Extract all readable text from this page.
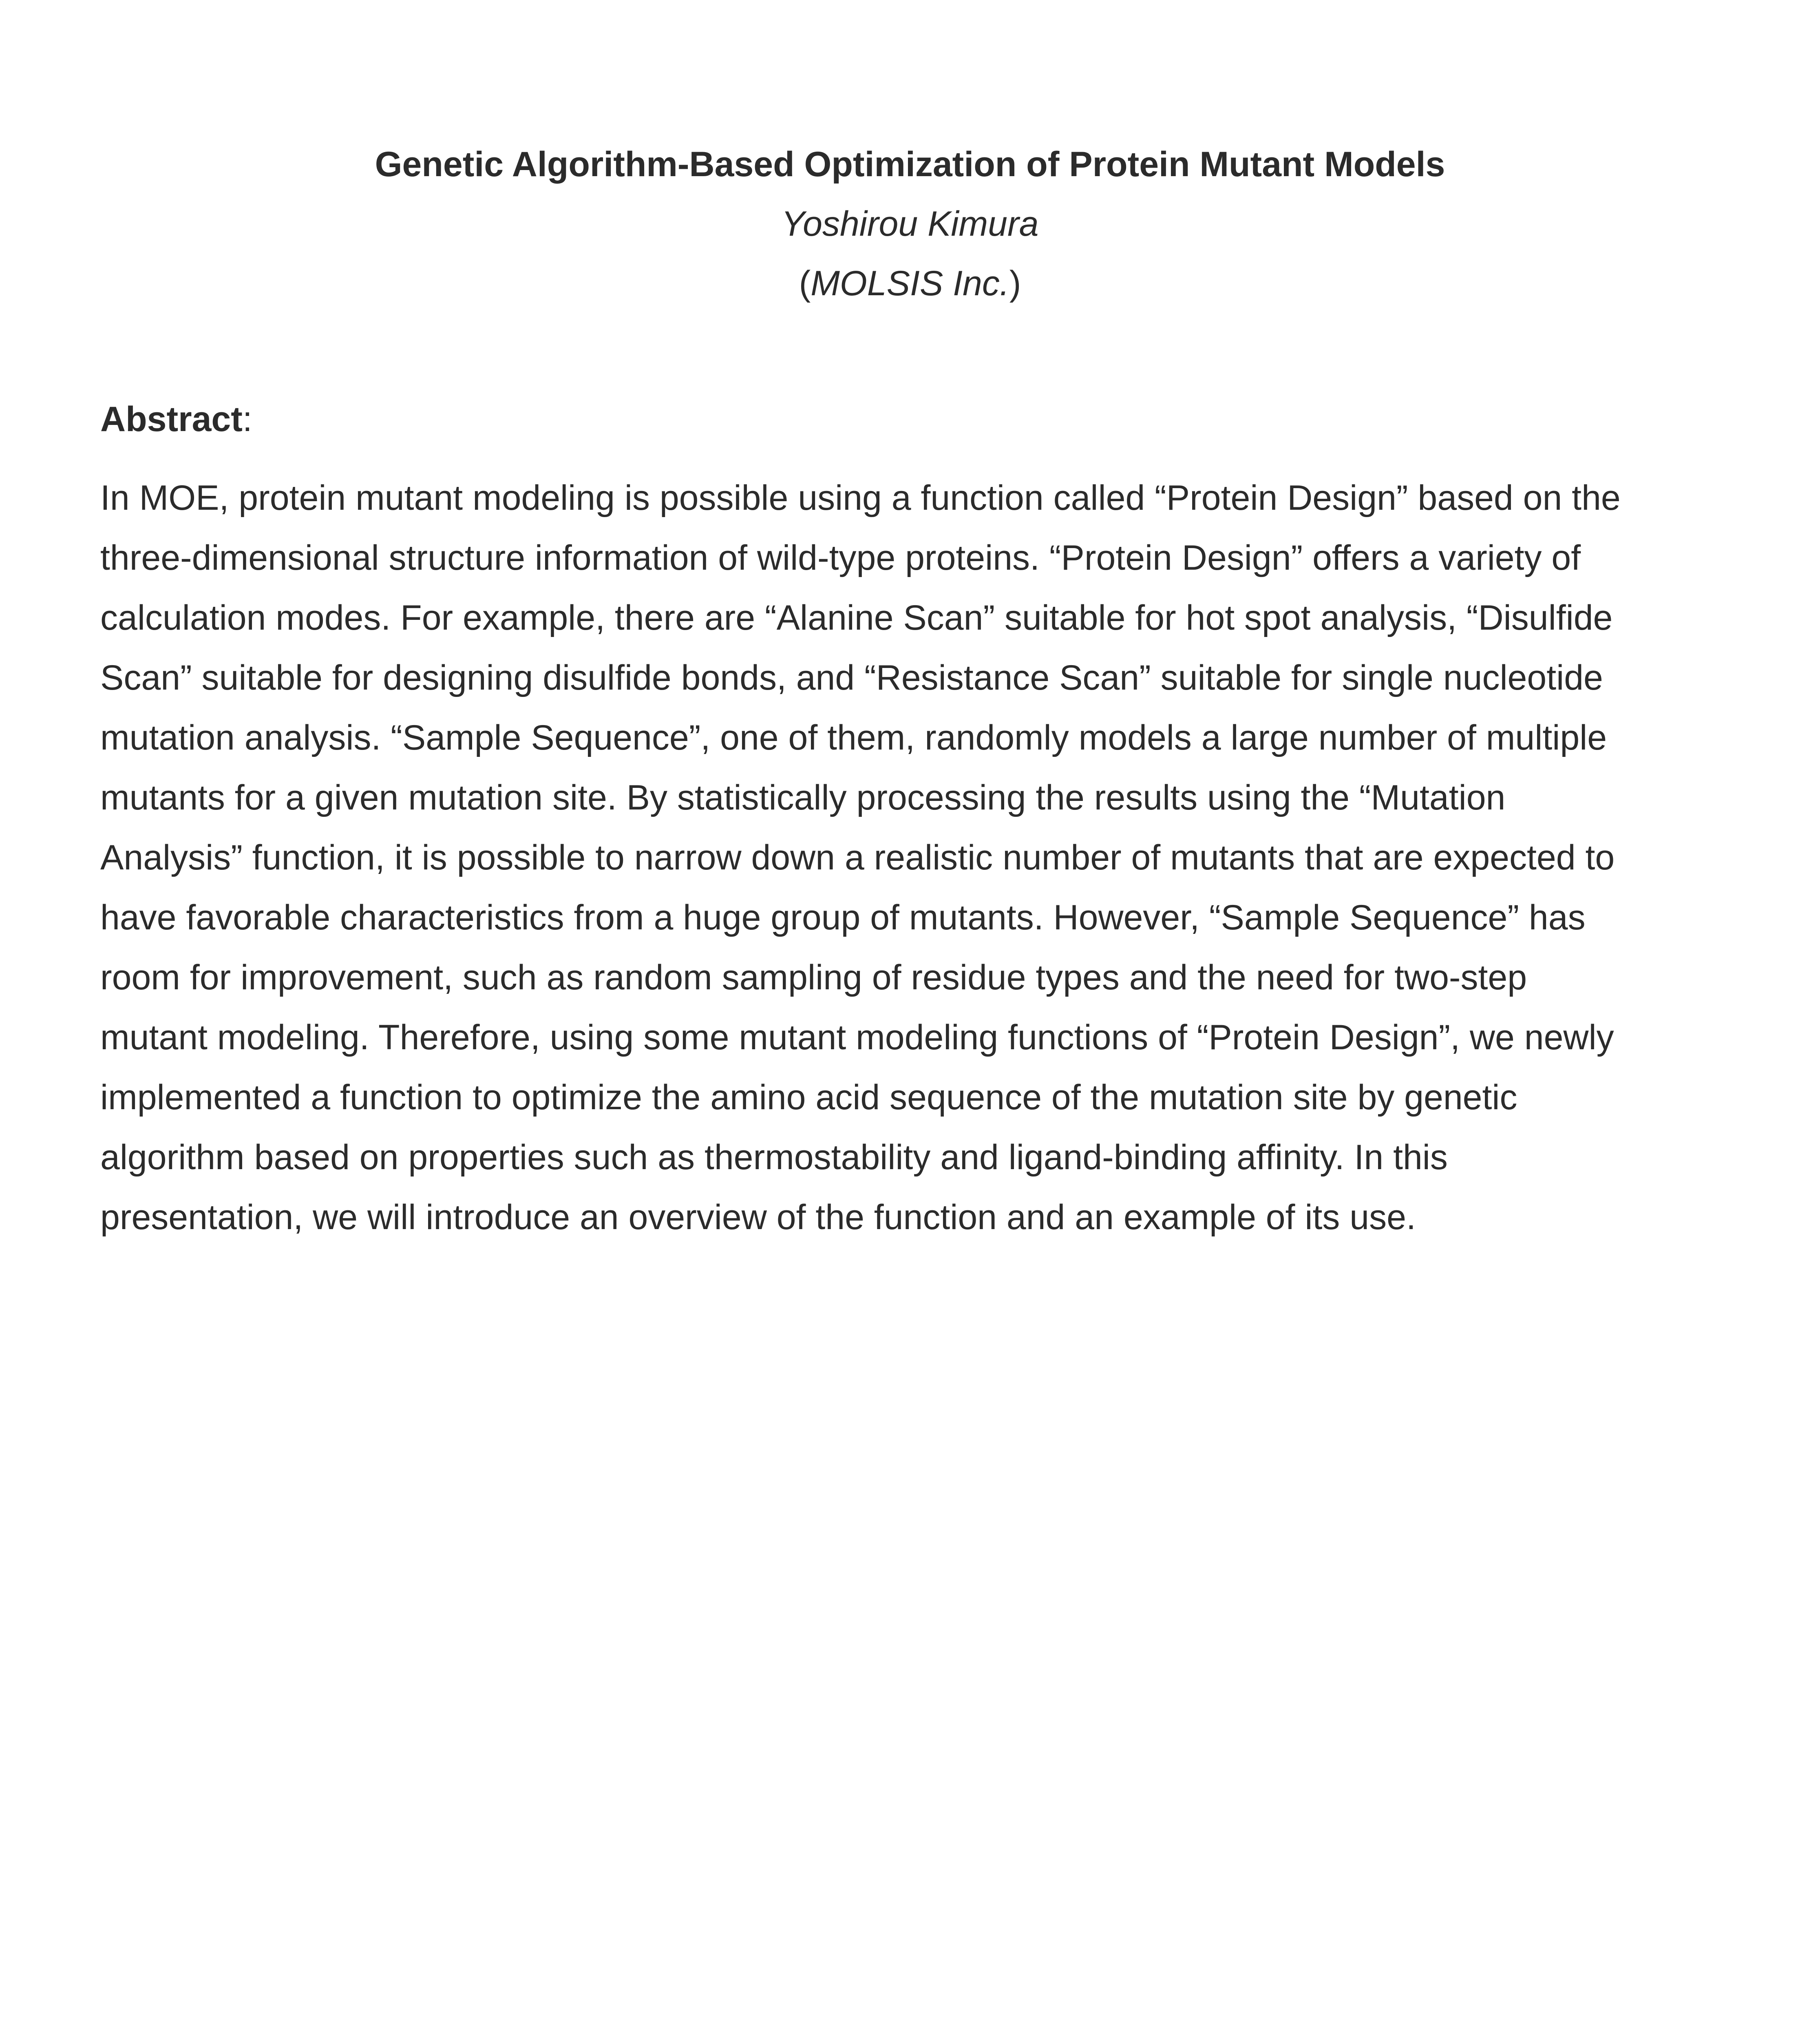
Genetic Algorithm-Based Optimization of Protein Mutant Models

Yoshirou Kimura

(MOLSIS Inc.)

Abstract:

In MOE, protein mutant modeling is possible using a function called “Protein Design” based on the
three-dimensional structure information of wild-type proteins. “Protein Design” offers a variety of
calculation modes. For example, there are “Alanine Scan” suitable for hot spot analysis, “Disulfide
Scan” suitable for designing disulfide bonds, and “Resistance Scan” suitable for single nucleotide
mutation analysis. “Sample Sequence”, one of them, randomly models a large number of multiple
mutants for a given mutation site. By statistically processing the results using the “Mutation
Analysis” function, it is possible to narrow down a realistic number of mutants that are expected to
have favorable characteristics from a huge group of mutants. However, “Sample Sequence” has
room for improvement, such as random sampling of residue types and the need for two-step
mutant modeling. Therefore, using some mutant modeling functions of “Protein Design”, we newly
implemented a function to optimize the amino acid sequence of the mutation site by genetic
algorithm based on properties such as thermostability and ligand-binding affinity. In this
presentation, we will introduce an overview of the function and an example of its use.
